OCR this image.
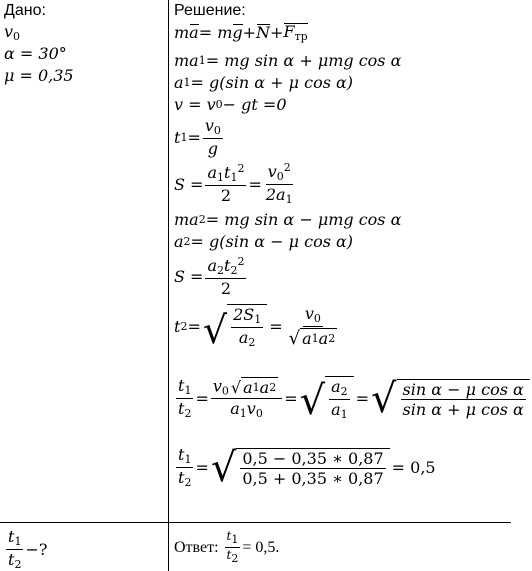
Дано:
$v_0$
α = 30°
μ = 0,35
$\frac{t_1}{t_2}$ −?
Решение:
m a = m $g + N + F_{тр}$
ma 1 = mg sin α + μmg cos α
a 1 = g(sin α + μ cos α)
v = v 0 − gt =0
t $1 = \frac{v_0}{g}$
$S = \frac{a_1t_1^2}{2} = \frac{v_0^2}{2a_1}$
ma 2 = mg sin α − μmg cos α
a 2 = g(sin α − μ cos α)
$S = \frac{a_2t_2^2}{2}$
t 2 = √ $\frac{2S_1}{a_2} = \frac{v_0}{√ a 1 a 2}$
$\frac{t_1}{t_2} = \frac{v_0 √ a 1 a 2}{a_1v_0}$ = √ $\frac{a_2}{a_1}$ = √ $\frac{\text{sin α − μ cos α}}{\text{sin α + μ cos α}}$
$\frac{t_1}{t_2}$ = √ $\frac{0,5 - 0,35 ∗ 0,87}{0,5 + 0,35 ∗ 0,87} = 0,5$
Ответ: $\frac{t1}{t2} = 0,5$.
